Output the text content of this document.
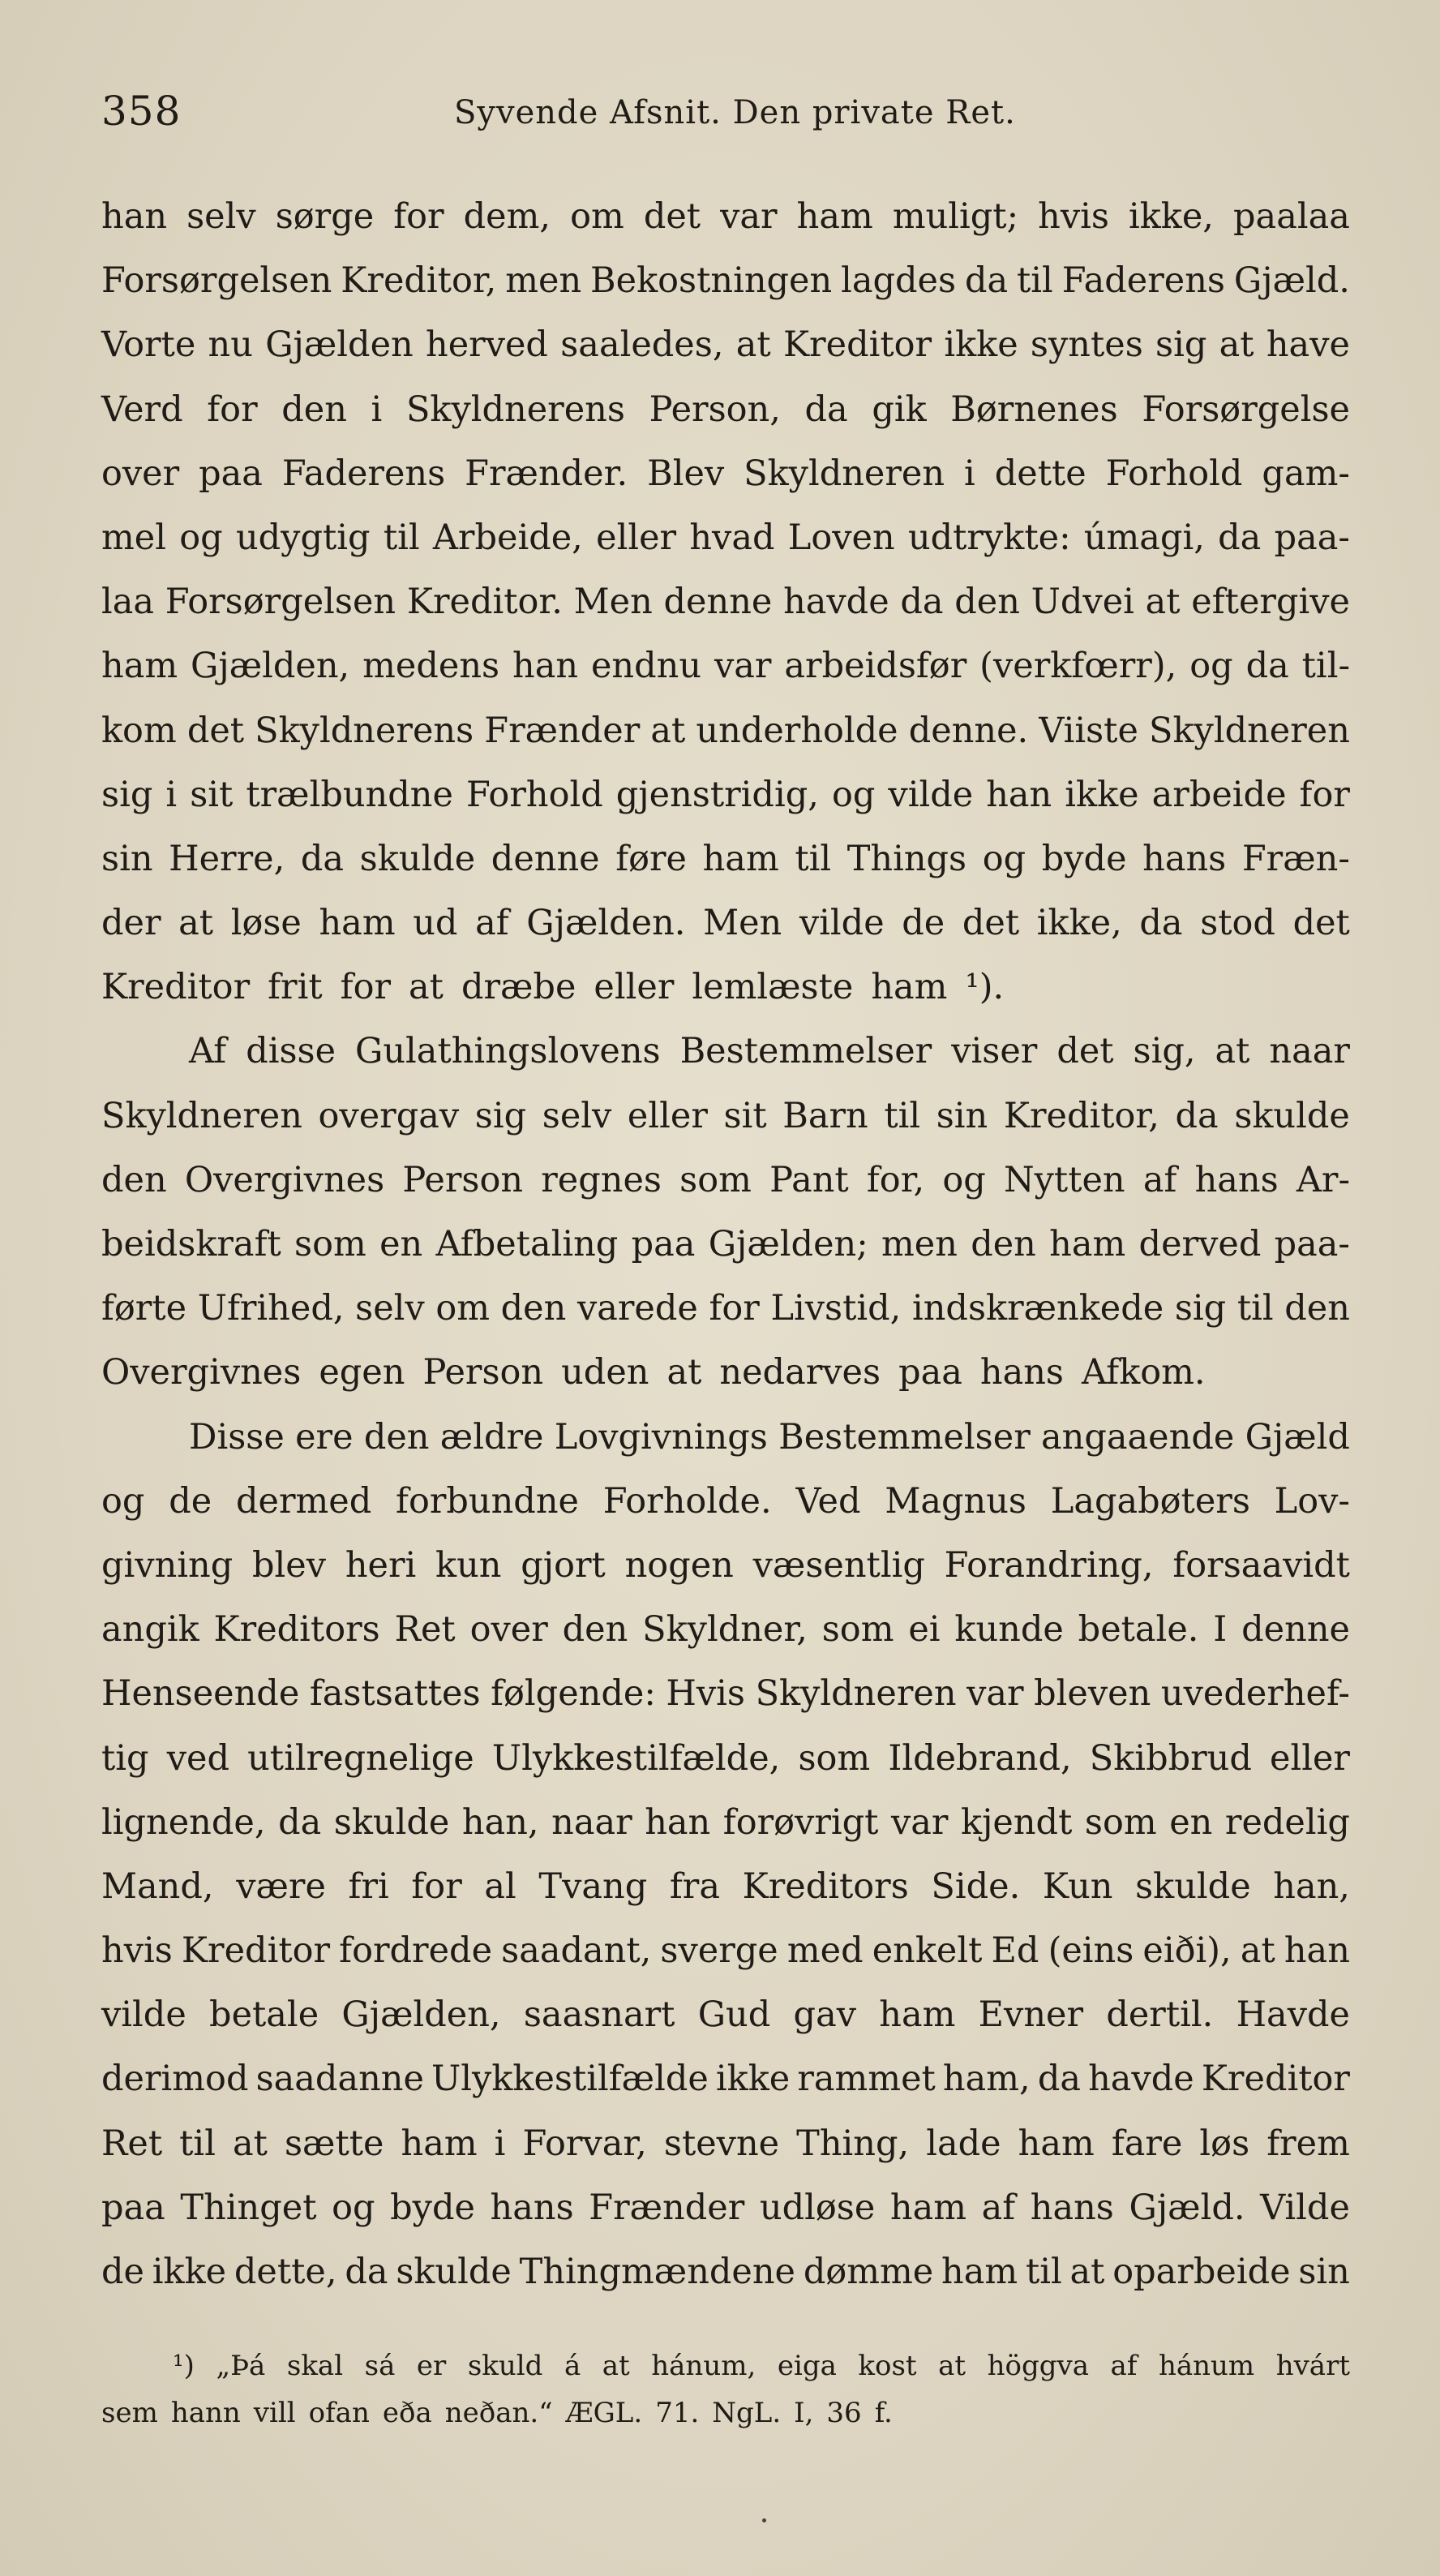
358	Syvende Afsnit. Den private Ret.
han selv sørge for dem, om det var ham muligt; hvis ikke, paalaa
Forsørgelsen Kreditor, men Bekostningen lagdes da til Faderens Gjæld.
Vorte nu Gjælden herved saaledes, at Kreditor ikke syntes sig at have
Verd for den i Skyldnerens Person, da gik Børnenes Forsørgelse
over paa Faderens Frænder. Blev Skyldneren i dette Forhold gam-
mel og udygtig til Arbeide, eller hvad Loven udtrykte: úmagi, da paa-
laa Forsørgelsen Kreditor. Men denne havde da den Udvei at eftergive
ham Gjælden, medens han endnu var arbeidsfør (verkfœrr), og da til-
kom det Skyldnerens Frænder at underholde denne. Viiste Skyldneren
sig i sit trælbundne Forhold gjenstridig, og vilde han ikke arbeide for
sin Herre, da skulde denne føre ham til Things og byde hans Fræn-
der at løse ham ud af Gjælden. Men vilde de det ikke, da stod det
Kreditor frit for at dræbe eller lemlæste ham ¹).
Af disse Gulathingslovens Bestemmelser viser det sig, at naar
Skyldneren overgav sig selv eller sit Barn til sin Kreditor, da skulde
den Overgivnes Person regnes som Pant for, og Nytten af hans Ar-
beidskraft som en Afbetaling paa Gjælden; men den ham derved paa-
førte Ufrihed, selv om den varede for Livstid, indskrænkede sig til den
Overgivnes egen Person uden at nedarves paa hans Afkom.
Disse ere den ældre Lovgivnings Bestemmelser angaaende Gjæld
og de dermed forbundne Forholde. Ved Magnus Lagabøters Lov-
givning blev heri kun gjort nogen væsentlig Forandring, forsaavidt
angik Kreditors Ret over den Skyldner, som ei kunde betale. I denne
Henseende fastsattes følgende: Hvis Skyldneren var bleven uvederhef-
tig ved utilregnelige Ulykkestilfælde, som Ildebrand, Skibbrud eller
lignende, da skulde han, naar han forøvrigt var kjendt som en redelig
Mand, være fri for al Tvang fra Kreditors Side. Kun skulde han,
hvis Kreditor fordrede saadant, sverge med enkelt Ed (eins eiði), at han
vilde betale Gjælden, saasnart Gud gav ham Evner dertil. Havde
derimod saadanne Ulykkestilfælde ikke rammet ham, da havde Kreditor
Ret til at sætte ham i Forvar, stevne Thing, lade ham fare løs frem
paa Thinget og byde hans Frænder udløse ham af hans Gjæld. Vilde
de ikke dette, da skulde Thingmændene dømme ham til at oparbeide sin
¹) „Þá skal sá er skuld á at hánum, eiga kost at höggva af hánum hvárt
sem hann vill ofan eða neðan.“ ÆGL. 71. NgL. I, 36 f.
